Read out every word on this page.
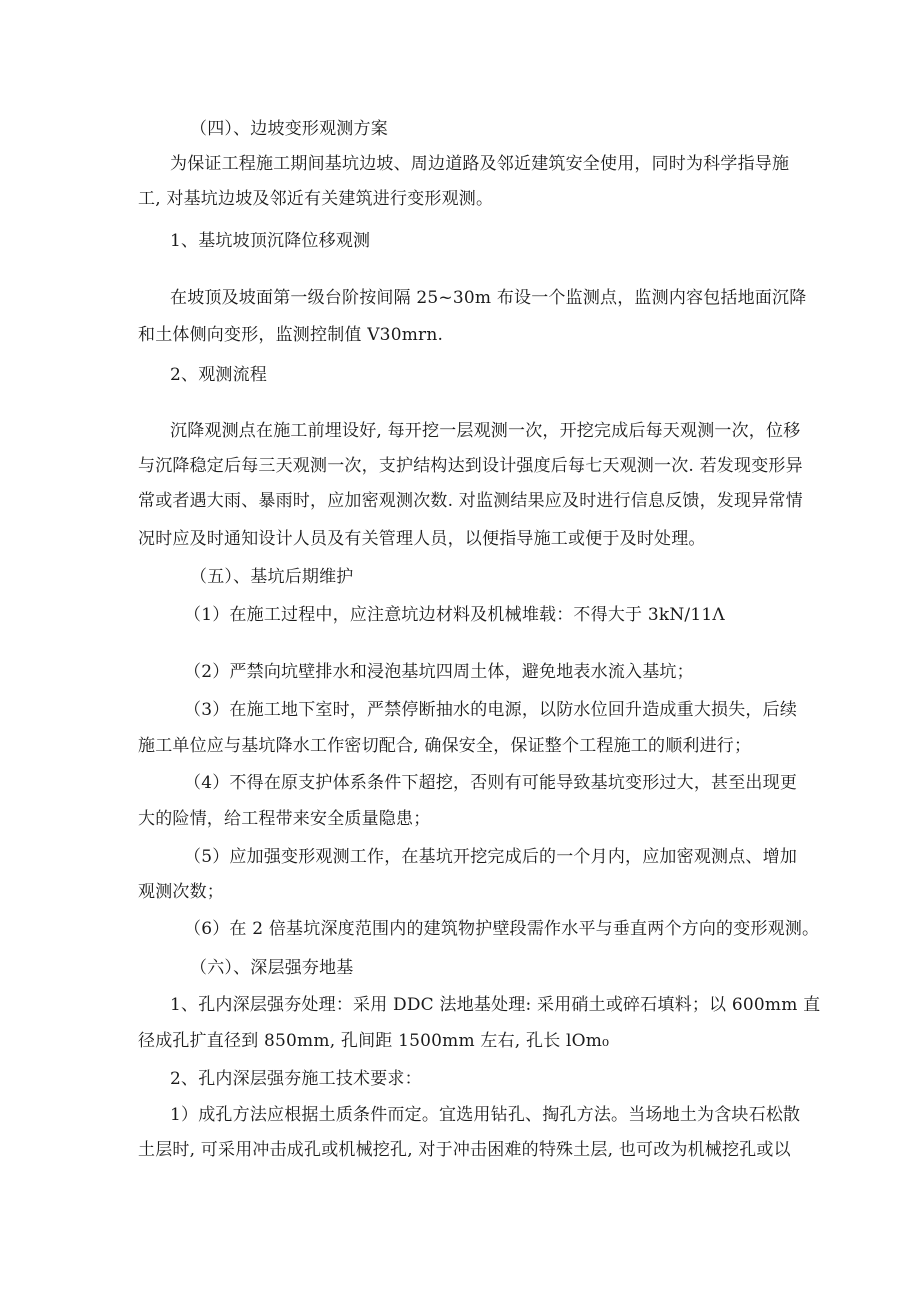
（四）、边坡变形观测方案
为保证工程施工期间基坑边坡、周边道路及邻近建筑安全使用，同时为科学指导施
工, 对基坑边坡及邻近有关建筑进行变形观测。
1、基坑坡顶沉降位移观测
在坡顶及坡面第一级台阶按间隔 25~30m 布设一个监测点，监测内容包括地面沉降
和土体侧向变形，监测控制值 V30mrn.
2、观测流程
沉降观测点在施工前埋设好, 每开挖一层观测一次，开挖完成后每天观测一次，位移
与沉降稳定后每三天观测一次，支护结构达到设计强度后每七天观测一次. 若发现变形异
常或者遇大雨、暴雨时，应加密观测次数. 对监测结果应及时进行信息反馈，发现异常情
况时应及时通知设计人员及有关管理人员，以便指导施工或便于及时处理。
（五）、基坑后期维护
（1）在施工过程中，应注意坑边材料及机械堆载：不得大于 3kN∕11Λ
（2）严禁向坑壁排水和浸泡基坑四周土体，避免地表水流入基坑；
（3）在施工地下室时，严禁停断抽水的电源，以防水位回升造成重大损失，后续
施工单位应与基坑降水工作密切配合, 确保安全，保证整个工程施工的顺利进行；
（4）不得在原支护体系条件下超挖，否则有可能导致基坑变形过大，甚至出现更
大的险情，给工程带来安全质量隐患；
（5）应加强变形观测工作，在基坑开挖完成后的一个月内，应加密观测点、增加
观测次数；
（6）在 2 倍基坑深度范围内的建筑物护壁段需作水平与垂直两个方向的变形观测。
（六）、深层强夯地基
1、孔内深层强夯处理：采用 DDC 法地基处理: 采用硝土或碎石填料；以 600mm 直
径成孔扩直径到 850mm, 孔间距 1500mm 左右, 孔长 lOm₀
2、孔内深层强夯施工技术要求：
1）成孔方法应根据土质条件而定。宜选用钻孔、掏孔方法。当场地土为含块石松散
土层时, 可采用冲击成孔或机械挖孔, 对于冲击困难的特殊土层, 也可改为机械挖孔或以
